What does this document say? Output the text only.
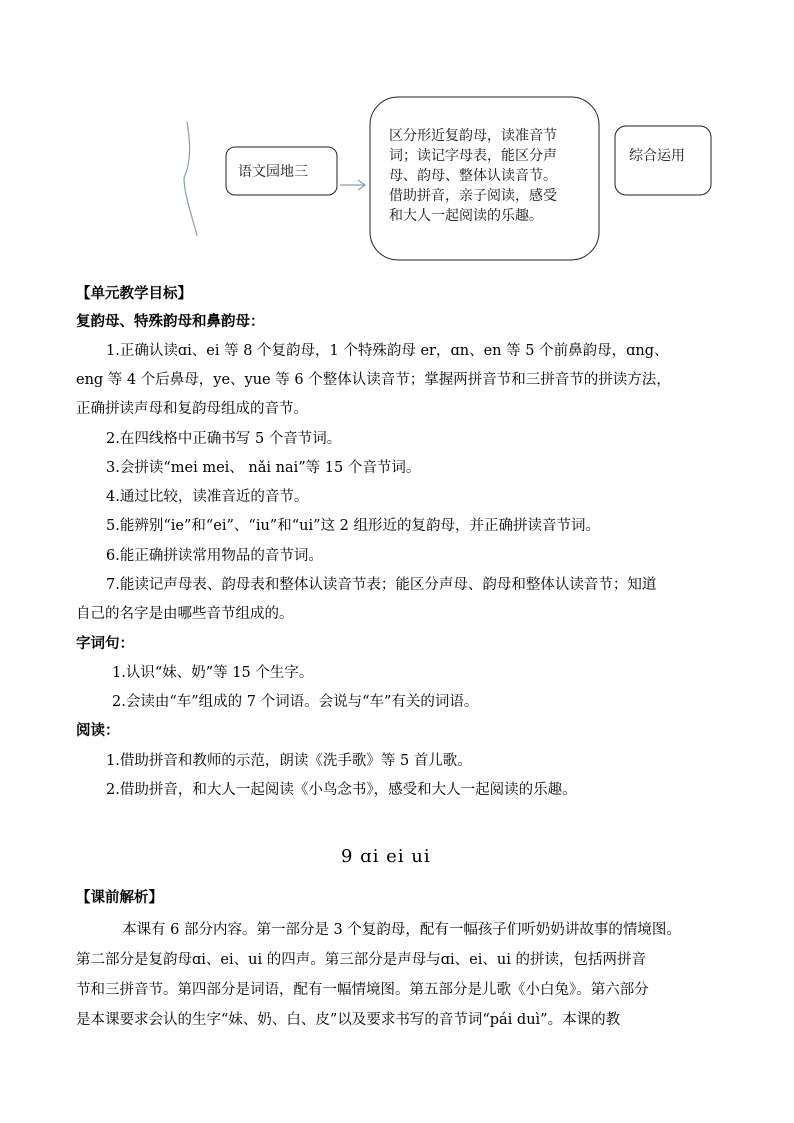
语文园地三
区分形近复韵母，读准音节
词；读记字母表，能区分声
母、韵母、整体认读音节。
借助拼音，亲子阅读，感受
和大人一起阅读的乐趣。
综合运用
【单元教学目标】
复韵母、特殊韵母和鼻韵母：
1.正确认读ɑi、ei 等 8 个复韵母，1 个特殊韵母 er，ɑn、en 等 5 个前鼻韵母，ɑng、
eng 等 4 个后鼻母，ye、yue 等 6 个整体认读音节；掌握两拼音节和三拼音节的拼读方法，
正确拼读声母和复韵母组成的音节。
2.在四线格中正确书写 5 个音节词。
3.会拼读“mei mei、 nǎi nai”等 15 个音节词。
4.通过比较，读准音近的音节。
5.能辨别“ie”和“ei”、“iu”和“ui”这 2 组形近的复韵母，并正确拼读音节词。
6.能正确拼读常用物品的音节词。
7.能读记声母表、韵母表和整体认读音节表；能区分声母、韵母和整体认读音节；知道
自己的名字是由哪些音节组成的。
字词句：
1.认识“妹、奶”等 15 个生字。
2.会读由“车”组成的 7 个词语。会说与“车”有关的词语。
阅读：
1.借助拼音和教师的示范，朗读《洗手歌》等 5 首儿歌。
2.借助拼音，和大人一起阅读《小鸟念书》，感受和大人一起阅读的乐趣。
9 ɑi ei ui
【课前解析】
本课有 6 部分内容。第一部分是 3 个复韵母，配有一幅孩子们听奶奶讲故事的情境图。
第二部分是复韵母ɑi、ei、ui 的四声。第三部分是声母与ɑi、ei、ui 的拼读，包括两拼音
节和三拼音节。第四部分是词语，配有一幅情境图。第五部分是儿歌《小白兔》。第六部分
是本课要求会认的生字“妹、奶、白、皮”以及要求书写的音节词“pái duì”。本课的教
